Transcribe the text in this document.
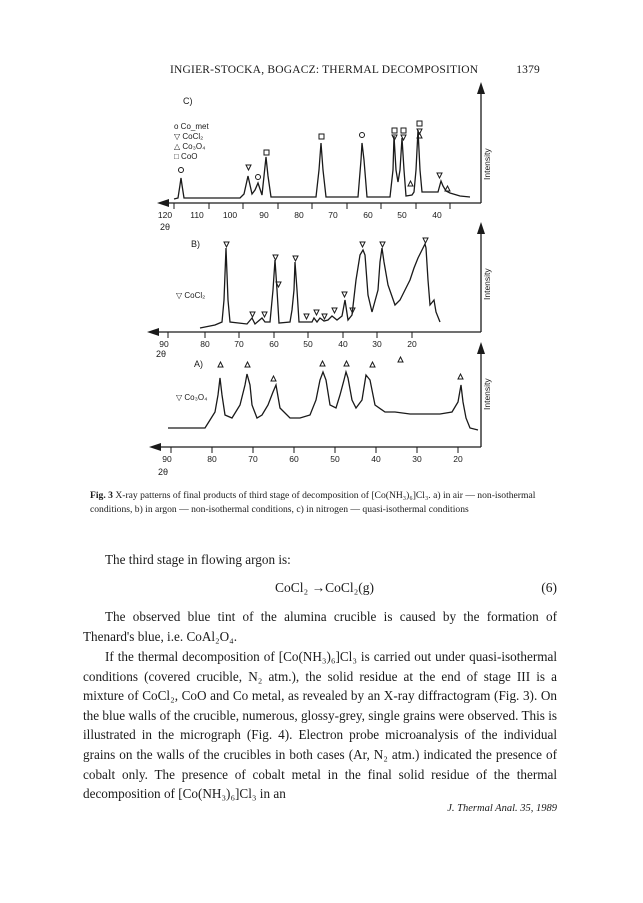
INGIER-STOCKA, BOGACZ: THERMAL DECOMPOSITION	1379
C)
o Co_met
▽ CoCl₂
△ Co₃O₄
□ CoO
120 110 100	90	80	70	60	50	40
2θ
Intensity
B)
▽ CoCl₂
90	80	70	60	50	40	30	20
2θ
Intensity
A)
▽ Co₃O₄
90	80	70	60	50	40	30	20
2θ
Intensity
Fig. 3 X-ray patterns of final products of third stage of decomposition of [Co(NH₃)₆]Cl₃. a) in air — non-isothermal conditions, b) in argon — non-isothermal conditions, c) in nitrogen — quasi-isothermal conditions

The third stage in flowing argon is:

CoCl₂ →CoCl₂(g)	(6)

The observed blue tint of the alumina crucible is caused by the formation of Thenard's blue, i.e. CoAl₂O₄.

If the thermal decomposition of [Co(NH₃)₆]Cl₃ is carried out under quasi-isothermal conditions (covered crucible, N₂ atm.), the solid residue at the end of stage III is a mixture of CoCl₂, CoO and Co metal, as revealed by an X-ray diffractogram (Fig. 3). On the blue walls of the crucible, numerous, glossy-grey, single grains were observed. This is illustrated in the micrograph (Fig. 4). Electron probe microanalysis of the individual grains on the walls of the crucibles in both cases (Ar, N₂ atm.) indicated the presence of cobalt only. The presence of cobalt metal in the final solid residue of the thermal decomposition of [Co(NH₃)₆]Cl₃ in an

J. Thermal Anal. 35, 1989
